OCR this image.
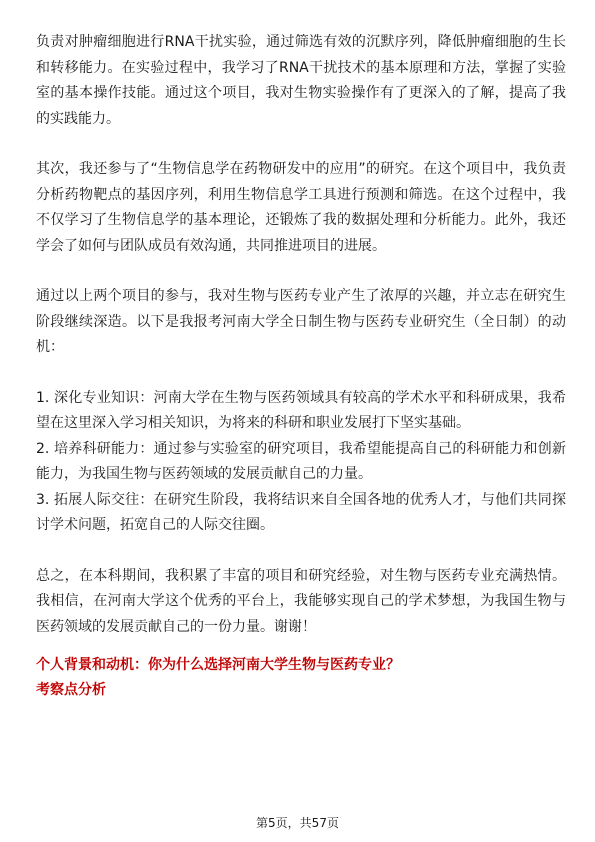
负责对肿瘤细胞进行RNA干扰实验，通过筛选有效的沉默序列，降低肿瘤细胞的生长和转移能力。在实验过程中，我学习了RNA干扰技术的基本原理和方法，掌握了实验室的基本操作技能。通过这个项目，我对生物实验操作有了更深入的了解，提高了我的实践能力。

其次，我还参与了“生物信息学在药物研发中的应用”的研究。在这个项目中，我负责分析药物靶点的基因序列，利用生物信息学工具进行预测和筛选。在这个过程中，我不仅学习了生物信息学的基本理论，还锻炼了我的数据处理和分析能力。此外，我还学会了如何与团队成员有效沟通，共同推进项目的进展。

通过以上两个项目的参与，我对生物与医药专业产生了浓厚的兴趣，并立志在研究生阶段继续深造。以下是我报考河南大学全日制生物与医药专业研究生（全日制）的动机：

1. 深化专业知识：河南大学在生物与医药领域具有较高的学术水平和科研成果，我希望在这里深入学习相关知识，为将来的科研和职业发展打下坚实基础。

2. 培养科研能力：通过参与实验室的研究项目，我希望能提高自己的科研能力和创新能力，为我国生物与医药领域的发展贡献自己的力量。

3. 拓展人际交往：在研究生阶段，我将结识来自全国各地的优秀人才，与他们共同探讨学术问题，拓宽自己的人际交往圈。

总之，在本科期间，我积累了丰富的项目和研究经验，对生物与医药专业充满热情。我相信，在河南大学这个优秀的平台上，我能够实现自己的学术梦想，为我国生物与医药领域的发展贡献自己的一份力量。谢谢！

个人背景和动机：你为什么选择河南大学生物与医药专业？

考察点分析

第5页，共57页
